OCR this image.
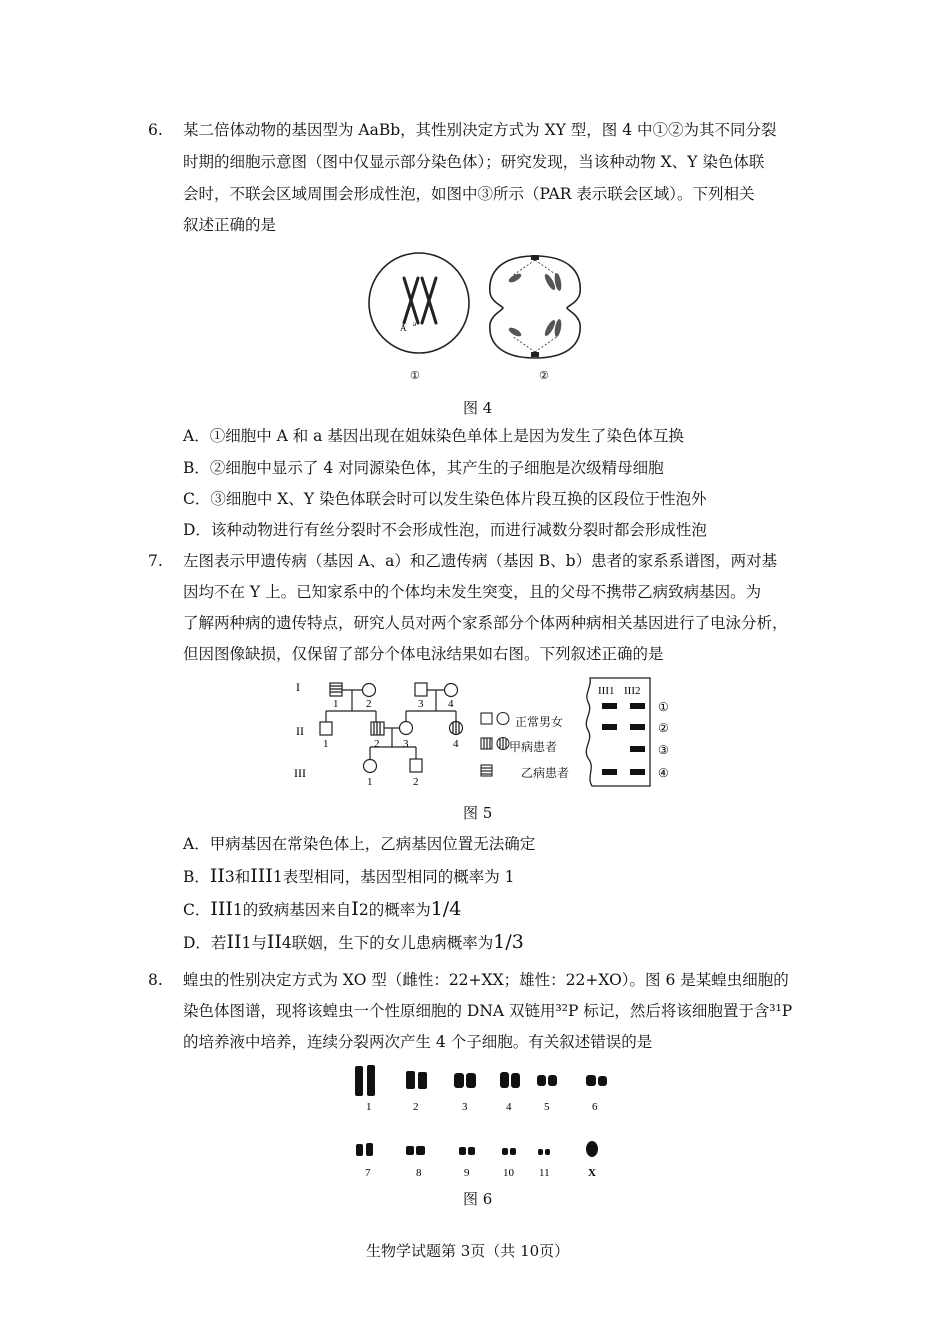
6. 某二倍体动物的基因型为 AaBb，其性别决定方式为 XY 型，图 4 中①②为其不同分裂
时期的细胞示意图（图中仅显示部分染色体）；研究发现，当该种动物 X、Y 染色体联
会时，不联会区域周围会形成性泡，如图中③所示（PAR 表示联会区域）。下列相关
叙述正确的是
A a
①	②
图 4
A．①细胞中 A 和 a 基因出现在姐妹染色单体上是因为发生了染色体互换
B．②细胞中显示了 4 对同源染色体，其产生的子细胞是次级精母细胞
C．③细胞中 X、Y 染色体联会时可以发生染色体片段互换的区段位于性泡外
D．该种动物进行有丝分裂时不会形成性泡，而进行减数分裂时都会形成性泡
7. 左图表示甲遗传病（基因 A、a）和乙遗传病（基因 B、b）患者的家系系谱图，两对基
因均不在 Y 上。已知家系中的个体均未发生突变，且的父母不携带乙病致病基因。为
了解两种病的遗传特点，研究人员对两个家系部分个体两种病相关基因进行了电泳分析，
但因图像缺损，仅保留了部分个体电泳结果如右图。下列叙述正确的是
I
II
III
1	2	3 4
1	2 3	4
1	2
正常男女
甲病患者
乙病患者
III1 III2
①
②
③
④
图 5
A．甲病基因在常染色体上，乙病基因位置无法确定
B．II3和III1表型相同，基因型相同的概率为 1
C．III1的致病基因来自I2的概率为1/4
D．若II1与II4联姻，生下的女儿患病概率为1/3
8. 蝗虫的性别决定方式为 XO 型（雌性：22+XX；雄性：22+XO）。图 6 是某蝗虫细胞的
染色体图谱，现将该蝗虫一个性原细胞的 DNA 双链用³²P 标记，然后将该细胞置于含³¹P
的培养液中培养，连续分裂两次产生 4 个子细胞。有关叙述错误的是
1	2	3	4	5	6
7	8	9	10 11	X
图 6
生物学试题第 3页（共 10页）
